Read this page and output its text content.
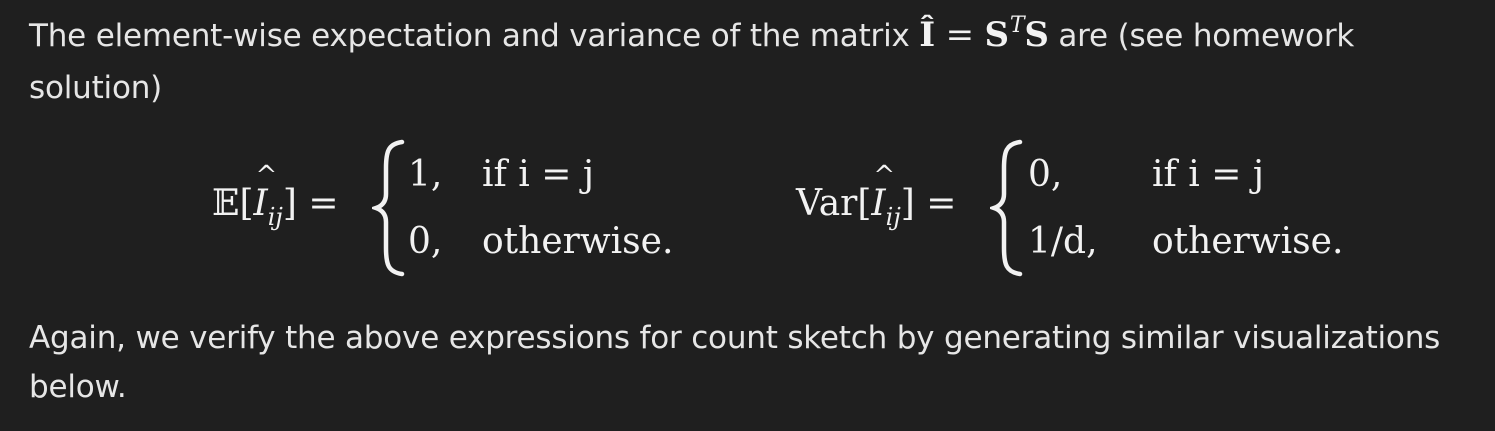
The element-wise expectation and variance of the matrix Î = $S^TS$ are (see homework solution)
𝔼[^ $I_{ij}$] =
1, if i = j
0, otherwise.
Var[^ $I_{ij}$] =
0, if i = j
1/d, otherwise.
Again, we verify the above expressions for count sketch by generating similar visualizations below.
